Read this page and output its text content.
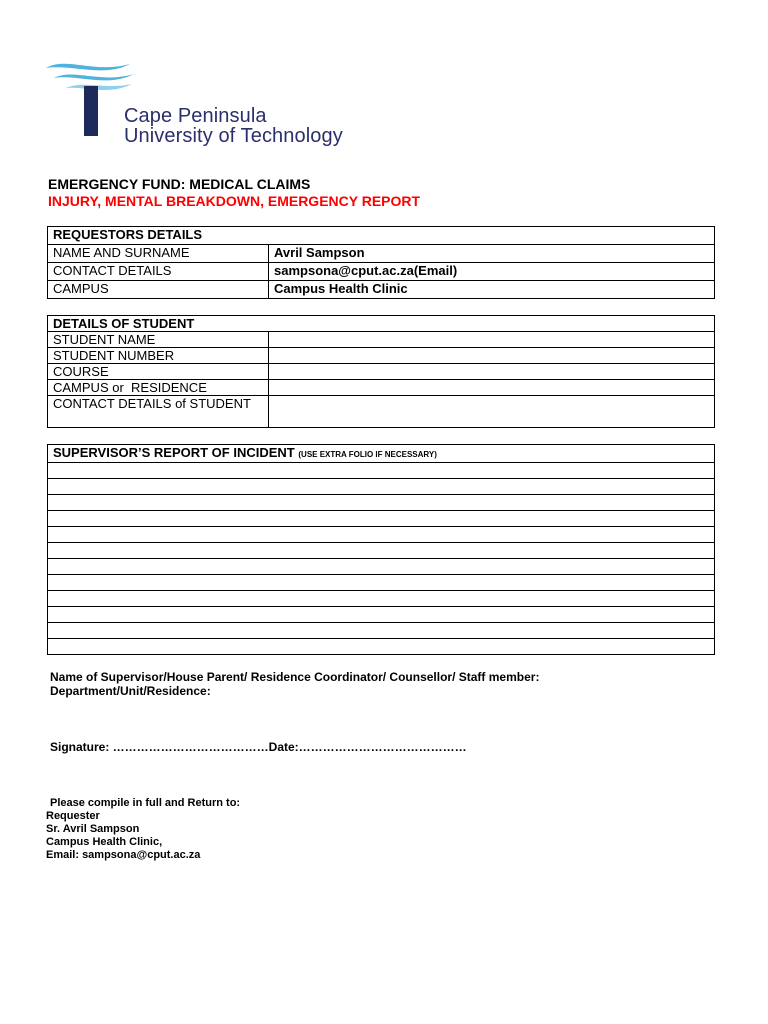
Cape Peninsula
University of Technology
EMERGENCY FUND: MEDICAL CLAIMS
INJURY, MENTAL BREAKDOWN, EMERGENCY REPORT
REQUESTORS DETAILS	
NAME AND SURNAME	Avril Sampson
CONTACT DETAILS	sampsona@cput.ac.za(Email)
CAMPUS	Campus Health Clinic
DETAILS OF STUDENT	
STUDENT NAME	
STUDENT NUMBER	
COURSE	
CAMPUS or  RESIDENCE	
CONTACT DETAILS of STUDENT	
SUPERVISOR’S REPORT OF INCIDENT (USE EXTRA FOLIO IF NECESSARY)

Name of Supervisor/House Parent/ Residence Coordinator/ Counsellor/ Staff member:
Department/Unit/Residence:
Signature: …………………………………Date:……………………………………
Please compile in full and Return to:
Requester
Sr. Avril Sampson
Campus Health Clinic,
Email: sampsona@cput.ac.za
